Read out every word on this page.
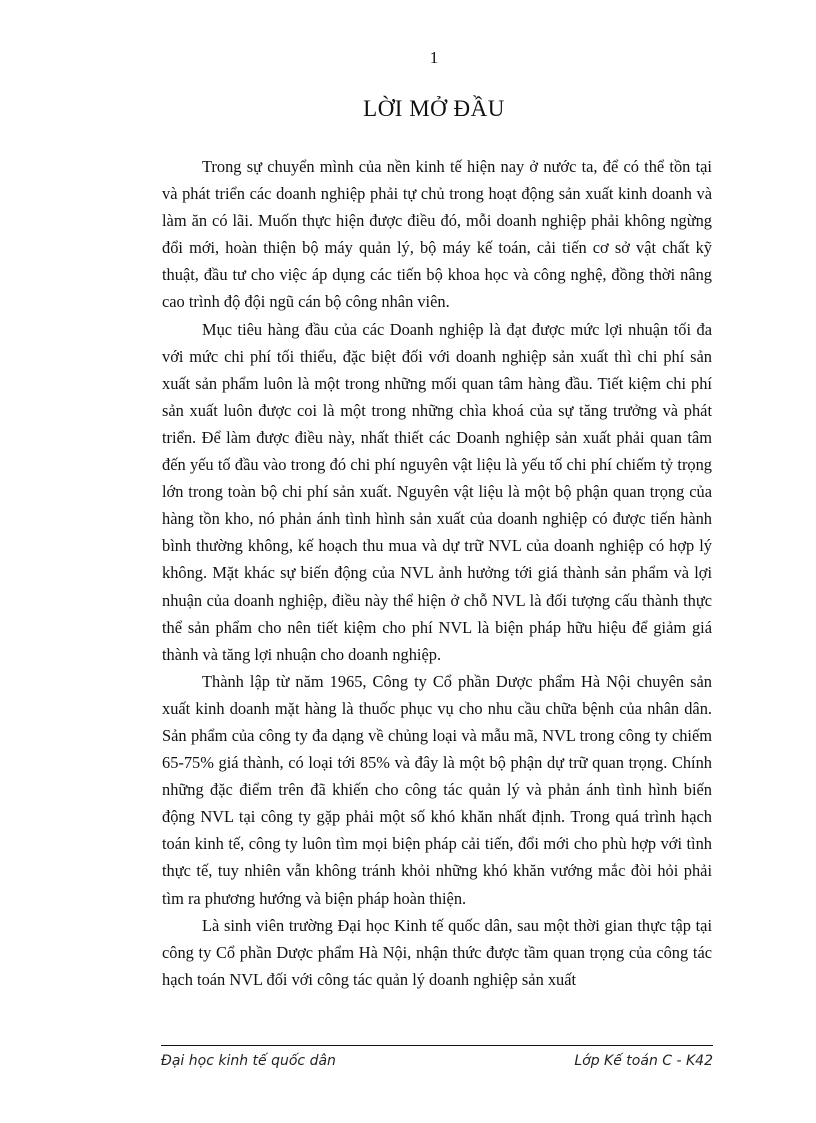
1
LỜI MỞ ĐẦU

Trong sự chuyển mình của nền kinh tế hiện nay ở nước ta, để có thể tồn tại và phát triển các doanh nghiệp phải tự chủ trong hoạt động sản xuất kinh doanh và làm ăn có lãi. Muốn thực hiện được điều đó, mỗi doanh nghiệp phải không ngừng đổi mới, hoàn thiện bộ máy quản lý, bộ máy kế toán, cải tiến cơ sở vật chất kỹ thuật, đầu tư cho việc áp dụng các tiến bộ khoa học và công nghệ, đồng thời nâng cao trình độ đội ngũ cán bộ công nhân viên.

Mục tiêu hàng đầu của các Doanh nghiệp là đạt được mức lợi nhuận tối đa với mức chi phí tối thiểu, đặc biệt đối với doanh nghiệp sản xuất thì chi phí sản xuất sản phẩm luôn là một trong những mối quan tâm hàng đầu. Tiết kiệm chi phí sản xuất luôn được coi là một trong những chìa khoá của sự tăng trưởng và phát triển. Để làm được điều này, nhất thiết các Doanh nghiệp sản xuất phải quan tâm đến yếu tố đầu vào trong đó chi phí nguyên vật liệu là yếu tố chi phí chiếm tỷ trọng lớn trong toàn bộ chi phí sản xuất. Nguyên vật liệu là một bộ phận quan trọng của hàng tồn kho, nó phản ánh tình hình sản xuất của doanh nghiệp có được tiến hành bình thường không, kế hoạch thu mua và dự trữ NVL của doanh nghiệp có hợp lý không. Mặt khác sự biến động của NVL ảnh hưởng tới giá thành sản phẩm và lợi nhuận của doanh nghiệp, điều này thể hiện ở chỗ NVL là đối tượng cấu thành thực thể sản phẩm cho nên tiết kiệm cho phí NVL là biện pháp hữu hiệu để giảm giá thành và tăng lợi nhuận cho doanh nghiệp.

Thành lập từ năm 1965, Công ty Cổ phần Dược phẩm Hà Nội chuyên sản xuất kinh doanh mặt hàng là thuốc phục vụ cho nhu cầu chữa bệnh của nhân dân. Sản phẩm của công ty đa dạng về chủng loại và mẫu mã, NVL trong công ty chiếm 65-75% giá thành, có loại tới 85% và đây là một bộ phận dự trữ quan trọng. Chính những đặc điểm trên đã khiến cho công tác quản lý và phản ánh tình hình biến động NVL tại công ty gặp phải một số khó khăn nhất định. Trong quá trình hạch toán kinh tế, công ty luôn tìm mọi biện pháp cải tiến, đổi mới cho phù hợp với tình thực tế, tuy nhiên vẫn không tránh khỏi những khó khăn vướng mắc đòi hỏi phải tìm ra phương hướng và biện pháp hoàn thiện.

Là sinh viên trường Đại học Kinh tế quốc dân, sau một thời gian thực tập tại công ty Cổ phần Dược phẩm Hà Nội, nhận thức được tầm quan trọng của công tác hạch toán NVL đối với công tác quản lý doanh nghiệp sản xuất

Đại học kinh tế quốc dân	Lớp Kế toán C - K42
